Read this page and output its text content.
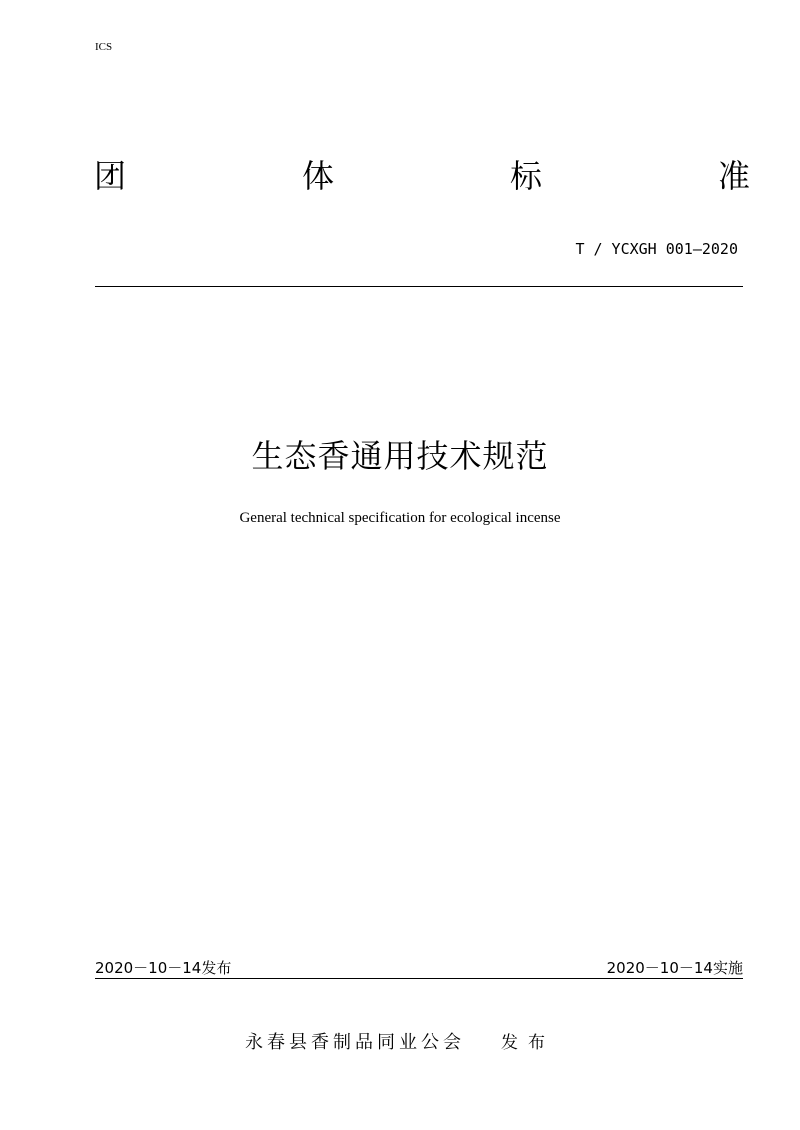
ICS
团	体	标	准
T / YCXGH 001—2020
生态香通用技术规范
General technical specification for ecological incense
2020－10－14 发布	2020－10－14 实施
永春县香制品同业公会 发布
